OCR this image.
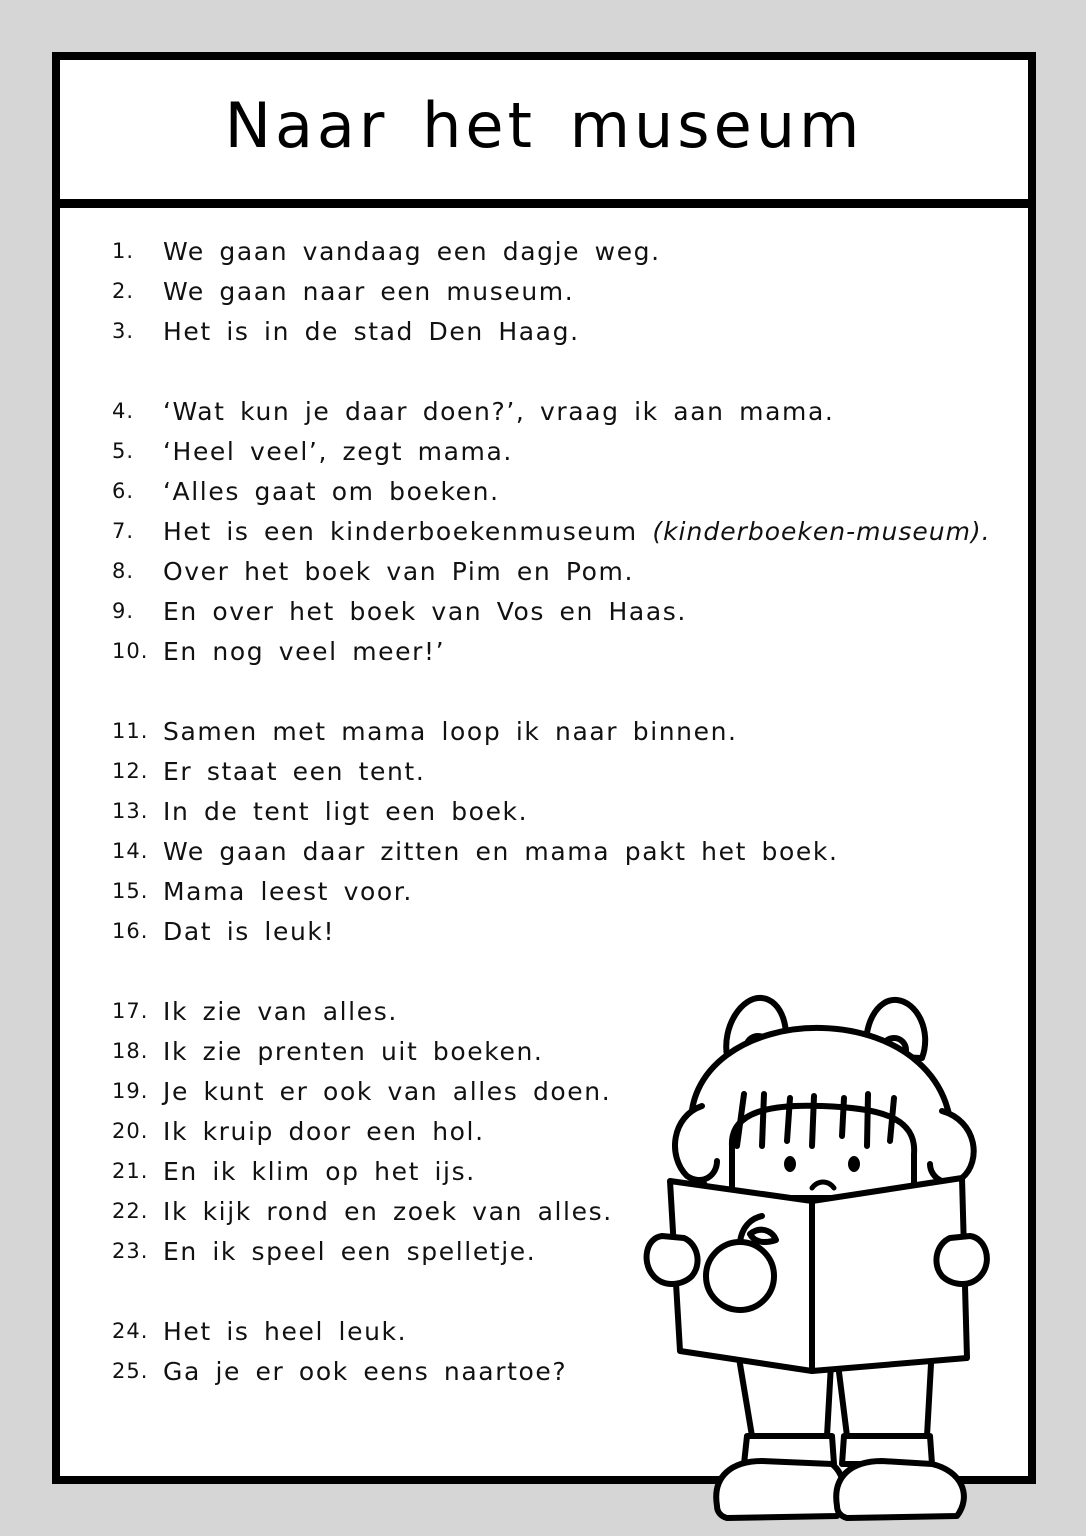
Naar het museum
1.	We gaan vandaag een dagje weg.
2.	We gaan naar een museum.
3.	Het is in de stad Den Haag.
4.	‘Wat kun je daar doen?’, vraag ik aan mama.
5.	‘Heel veel’, zegt mama.
6.	‘Alles gaat om boeken.
7.	Het is een kinderboekenmuseum (kinderboeken-museum).
8.	Over het boek van Pim en Pom.
9.	En over het boek van Vos en Haas.
10. En nog veel meer!’
11. Samen met mama loop ik naar binnen.
12. Er staat een tent.
13. In de tent ligt een boek.
14. We gaan daar zitten en mama pakt het boek.
15. Mama leest voor.
16. Dat is leuk!
17. Ik zie van alles.
18. Ik zie prenten uit boeken.
19. Je kunt er ook van alles doen.
20. Ik kruip door een hol.
21. En ik klim op het ijs.
22. Ik kijk rond en zoek van alles.
23. En ik speel een spelletje.
24. Het is heel leuk.
25. Ga je er ook eens naartoe?
